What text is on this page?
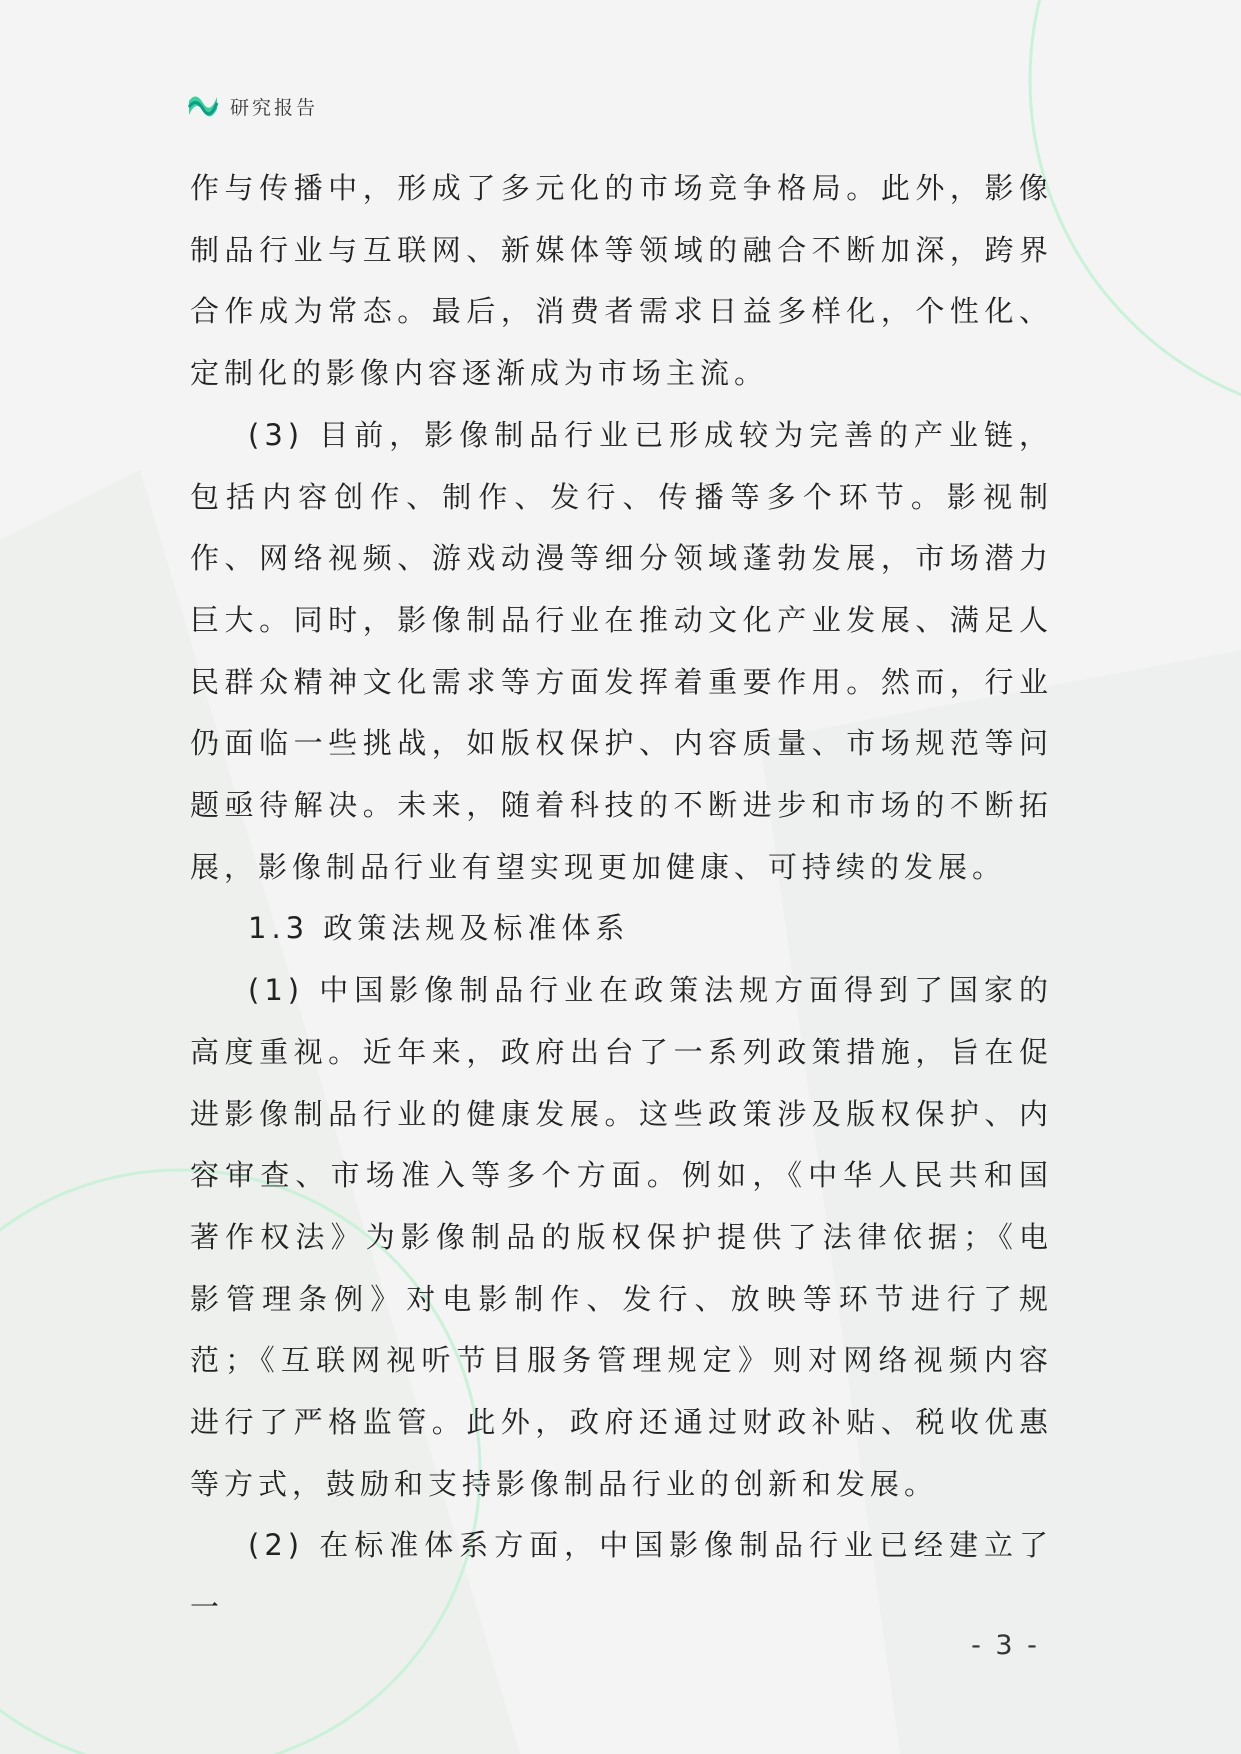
研究报告

作与传播中，形成了多元化的市场竞争格局。此外，影像制品行业与互联网、新媒体等领域的融合不断加深，跨界合作成为常态。最后，消费者需求日益多样化，个性化、定制化的影像内容逐渐成为市场主流。

(3) 目前，影像制品行业已形成较为完善的产业链，包括内容创作、制作、发行、传播等多个环节。影视制作、网络视频、游戏动漫等细分领域蓬勃发展，市场潜力巨大。同时，影像制品行业在推动文化产业发展、满足人民群众精神文化需求等方面发挥着重要作用。然而，行业仍面临一些挑战，如版权保护、内容质量、市场规范等问题亟待解决。未来，随着科技的不断进步和市场的不断拓展，影像制品行业有望实现更加健康、可持续的发展。

1.3 政策法规及标准体系

(1) 中国影像制品行业在政策法规方面得到了国家的高度重视。近年来，政府出台了一系列政策措施，旨在促进影像制品行业的健康发展。这些政策涉及版权保护、内容审查、市场准入等多个方面。例如，《中华人民共和国著作权法》为影像制品的版权保护提供了法律依据；《电影管理条例》对电影制作、发行、放映等环节进行了规范；《互联网视听节目服务管理规定》则对网络视频内容进行了严格监管。此外，政府还通过财政补贴、税收优惠等方式，鼓励和支持影像制品行业的创新和发展。

(2) 在标准体系方面，中国影像制品行业已经建立了一

- 3 -
